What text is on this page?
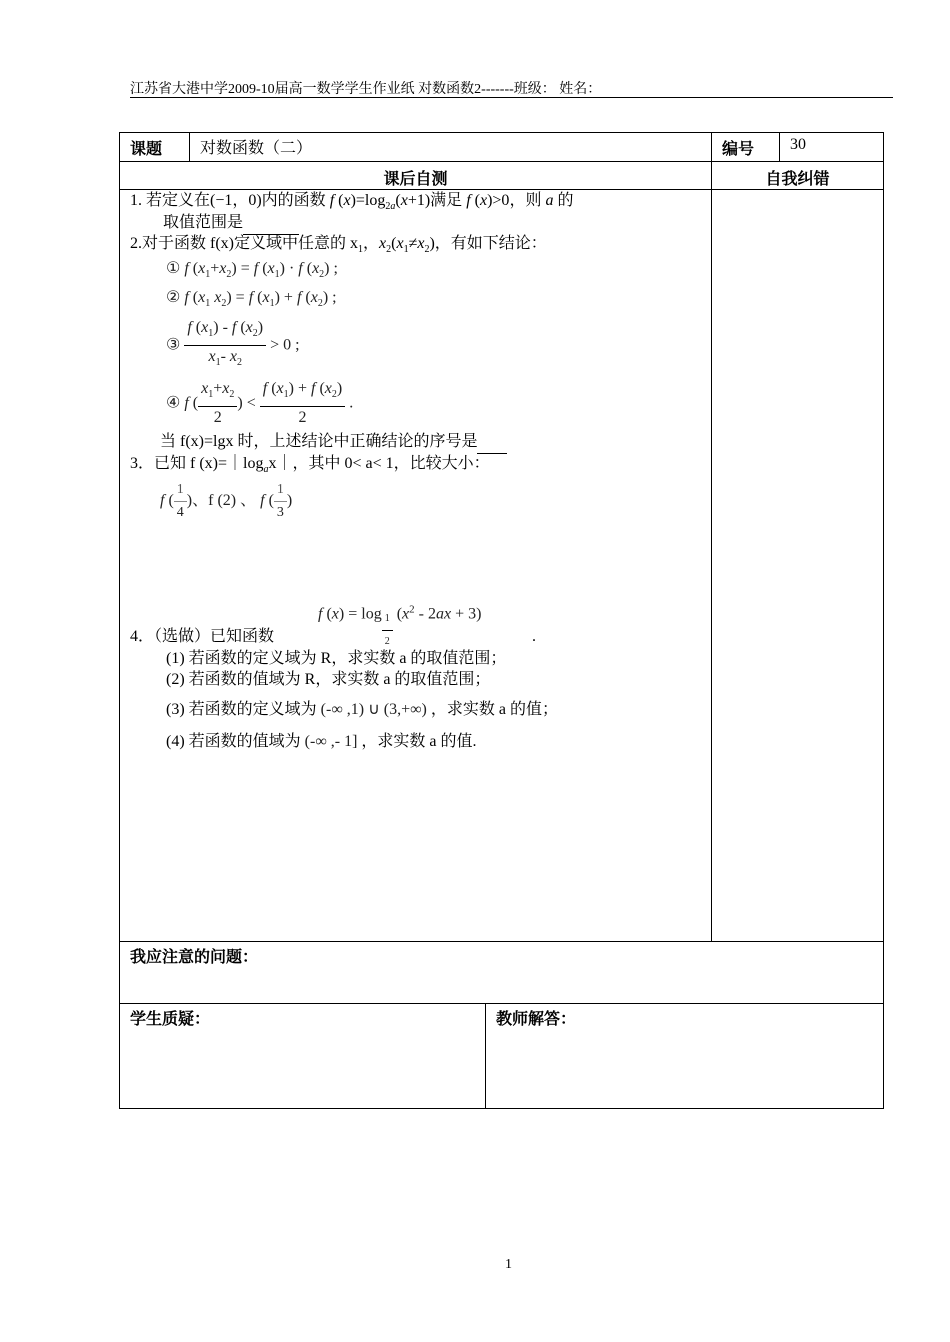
江苏省大港中学2009-10届高一数学学生作业纸 对数函数2-------班级： 姓名：
课题	对数函数（二）		编号	30
课后自测			自我纠错	

我应注意的问题：				
学生质疑：		教师解答：		
1. 若定义在(−1，0)内的函数 f $(x)=\log_{2a}(x+1)$满足 f (x)>0，则 a 的
取值范围是
2.对于函数 f(x)定义域中任意的 $x_1$，$x_2(x_1\ne x_2)$，有如下结论：
① f $(x_1+x_2) = f$ $(x_1) \cdot f$ $(x_2)$ ;
② f ($x_1$ $x_2) = f$ $(x_1) + f$ $(x_2)$ ;
③ $\frac{f (x_1) - f (x_2)}{x_1- x_2} > 0$ ;
④ f ( $\frac{x_1+x_2}{2}$ ) < $\frac{f (x_1) + f (x_2)}{2}$ .
当 f(x)=lgx 时，上述结论中正确结论的序号是
3．已知 f $(x)=|\log_ax|$，其中 0< a< 1，比较大小：
f ( $\frac{1}{4}$ )、f (2) 、 f ( $\frac{1}{3}$ )
f (x) = log $_{\frac{1}{2}}$ $(x^2 - 2ax + 3)$
4．（选做）已知函数	.
(1) 若函数的定义域为 R，求实数 a 的取值范围；
(2) 若函数的值域为 R，求实数 a 的取值范围；
(3) 若函数的定义域为 (-∞ ,1) ∪ (3,+∞) ，求实数 a 的值；
(4) 若函数的值域为 (-∞ ,- 1] ，求实数 a 的值.
1
